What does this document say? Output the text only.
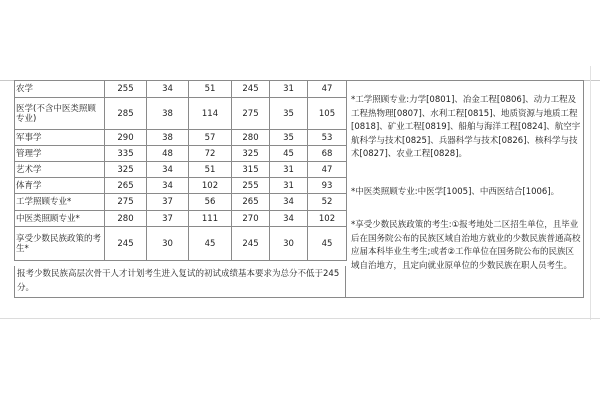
农学	255	34	51	245	31	47
医学(不含中医类照顾专业)	285	38	114	275	35	105
军事学	290	38	57	280	35	53
管理学	335	48	72	325	45	68
艺术学	325	34	51	315	31	47
体育学	265	34	102	255	31	93
工学照顾专业*	275	37	56	265	34	52
中医类照顾专业*	280	37	111	270	34	102
享受少数民族政策的考生*	245	30	45	245	30	45
报考少数民族高层次骨干人才计划考生进入复试的初试成绩基本要求为总分不低于245分。

*工学照顾专业:力学[0801]、冶金工程[0806]、动力工程及工程热物理[0807]、水利工程[0815]、地质资源与地质工程[0818]、矿业工程[0819]、船舶与海洋工程[0824]、航空宇航科学与技术[0825]、兵器科学与技术[0826]、核科学与技术[0827]、农业工程[0828]。

*中医类照顾专业:中医学[1005]、中西医结合[1006]。

*享受少数民族政策的考生:①报考地处二区招生单位，且毕业后在国务院公布的民族区域自治地方就业的少数民族普通高校应届本科毕业生考生;或者②工作单位在国务院公布的民族区域自治地方，且定向就业原单位的少数民族在职人员考生。
